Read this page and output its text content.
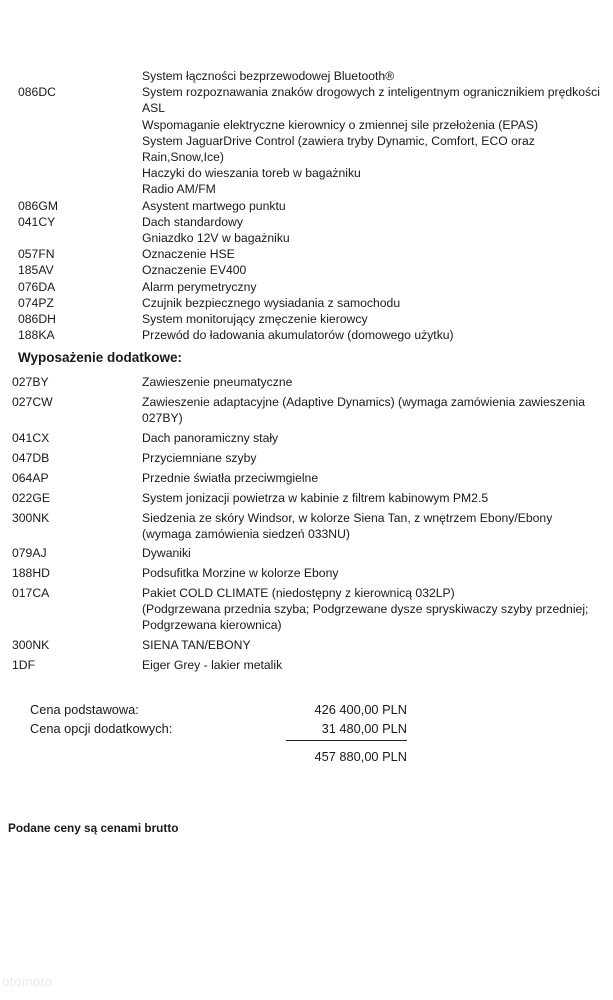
System łączności bezprzewodowej Bluetooth®
086DC	System rozpoznawania znaków drogowych z inteligentnym ogranicznikiem prędkości
ASL
Wspomaganie elektryczne kierownicy o zmiennej sile przełożenia (EPAS)
System JaguarDrive Control (zawiera tryby Dynamic, Comfort, ECO oraz
Rain,Snow,Ice)
Haczyki do wieszania toreb w bagażniku
Radio AM/FM
086GM	Asystent martwego punktu
041CY	Dach standardowy
Gniazdko 12V w bagażniku
057FN	Oznaczenie HSE
185AV	Oznaczenie EV400
076DA	Alarm perymetryczny
074PZ	Czujnik bezpiecznego wysiadania z samochodu
086DH	System monitorujący zmęczenie kierowcy
188KA	Przewód do ładowania akumulatorów (domowego użytku)
Wyposażenie dodatkowe:
027BY	Zawieszenie pneumatyczne
027CW	Zawieszenie adaptacyjne (Adaptive Dynamics) (wymaga zamówienia zawieszenia
027BY)
041CX	Dach panoramiczny stały
047DB	Przyciemniane szyby
064AP	Przednie światła przeciwmgielne
022GE	System jonizacji powietrza w kabinie z filtrem kabinowym PM2.5
300NK	Siedzenia ze skóry Windsor, w kolorze Siena Tan, z wnętrzem Ebony/Ebony
(wymaga zamówienia siedzeń 033NU)
079AJ	Dywaniki
188HD	Podsufitka Morzine w kolorze Ebony
017CA	Pakiet COLD CLIMATE (niedostępny z kierownicą 032LP)
(Podgrzewana przednia szyba; Podgrzewane dysze spryskiwaczy szyby przedniej;
Podgrzewana kierownica)
300NK	SIENA TAN/EBONY
1DF	Eiger Grey - lakier metalik
Cena podstawowa:	426 400,00 PLN
Cena opcji dodatkowych:	31 480,00 PLN
457 880,00 PLN
Podane ceny są cenami brutto
otomoto
